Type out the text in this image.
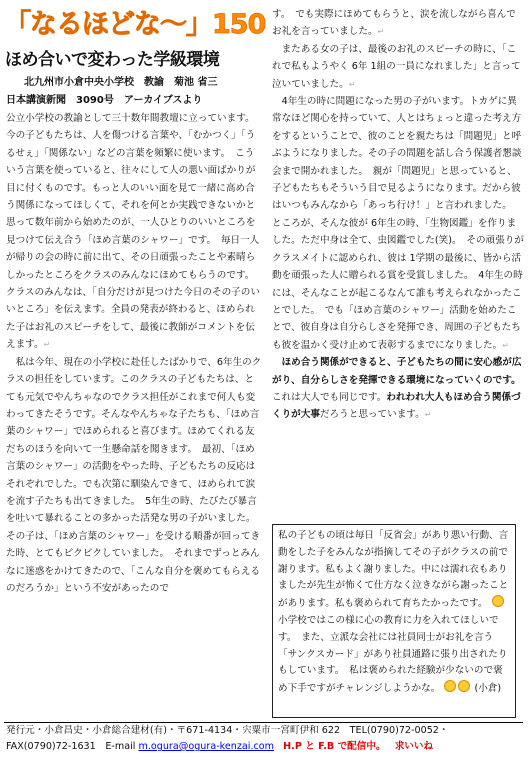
「なるほどな～」150
ほめ合いで変わった学級環境
北九州市小倉中央小学校　教諭　菊池 省三
日本講演新聞　3090号　アーカイブスより

公立小学校の教諭として三十数年間教壇に立っています。　今の子どもたちは、人を傷つける言葉や、「むかつく」「うるせぇ」「関係ない」などの言葉を頻繁に使います。　こういう言葉を使っていると、往々にして人の悪い面ばかりが目に付くものです。もっと人のいい面を見て一緒に高め合う関係になってほしくて、それを何とか実践できないかと思って数年前から始めたのが、一人ひとりのいいところを見つけて伝え合う「ほめ言葉のシャワー」です。　毎日一人が帰りの会の時に前に出て、その日頑張ったことや素晴らしかったところをクラスのみんなにほめてもらうのです。　クラスのみんなは、「自分だけが見つけた今日のその子のいいところ」を伝えます。全員の発表が終わると、ほめられた子はお礼のスピーチをして、最後に教師がコメントを伝えます。↵

私は今年、現在の小学校に赴任したばかりで、6年生のクラスの担任をしています。このクラスの子どもたちは、とても元気でやんちゃなのでクラス担任がこれまで何人も変わってきたそうです。そんなやんちゃな子たちも、「ほめ言葉のシャワー」でほめられると喜びます。ほめてくれる友だちのほうを向いて一生懸命話を聞きます。　最初、「ほめ言葉のシャワー」の活動をやった時、子どもたちの反応はそれぞれでした。でも次第に馴染んできて、ほめられて涙を流す子たちも出てきました。　5年生の時、たびたび暴言を吐いて暴れることの多かった活発な男の子がいました。　その子は、「ほめ言葉のシャワー」を受ける順番が回ってきた時、とてもビクビクしていました。　それまでずっとみんなに迷惑をかけてきたので、「こんな自分を褒めてもらえるのだろうか」という不安があったので

す。　でも実際にほめてもらうと、涙を流しながら喜んでお礼を言っていました。↵

またある女の子は、最後のお礼のスピーチの時に、「これで私もようやく 6年 1組の一員になれました」と言って泣いていました。↵

4年生の時に問題になった男の子がいます。トカゲに異常なほど関心を持っていて、人とはちょっと違った考え方をするということで、彼のことを親たちは「問題児」と呼ぶようになりました。その子の問題を話し合う保護者懇談会まで開かれました。　親が「問題児」と思っていると、子どもたちもそういう目で見るようになります。だから彼はいつもみんなから「あっち行け！」と言われました。　ところが、そんな彼が 6年生の時、「生物図鑑」を作りました。ただ中身は全て、虫図鑑でした(笑)。　その頑張りがクラスメイトに認められ、彼は 1学期の最後に、皆から活動を頑張った人に贈られる賞を受賞しました。　4年生の時には、そんなことが起こるなんて誰も考えられなかったことでした。　でも「ほめ言葉のシャワー」活動を始めたことで、彼自身は自分らしさを発揮でき、周囲の子どもたちも彼を温かく受け止めて表彰するまでになりました。↵

ほめ合う関係ができると、子どもたちの間に安心感が広がり、自分らしさを発揮できる環境になっていくのです。　これは大人でも同じです。われわれ大人もほめ合う関係づくりが大事だろうと思っています。↵

私の子どもの頃は毎日「反省会」があり悪い行動、言動をした子をみんなが指摘してその子がクラスの前で謝ります。私もよく謝りました。中には濡れ衣もありましたが先生が怖くて仕方なく泣きながら謝ったことがあります。私も褒められて育ちたかったです。  小学校ではこの様に心の教育に力を入れてほしいです。　また、立派な会社には社員同士がお礼を言う「サンクスカード」があり社員通路に張り出されたりもしています。　私は褒められた経験が少ないので褒め下手ですがチャレンジしようかな。	(小倉)
発行元・小倉昌史・小倉総合建材(有)・〒671-4134・宍粟市一宮町伊和 622　TEL(0790)72-0052・
FAX(0790)72-1631　E-mail m.ogura@ogura-kenzai.com H.P と F.B で配信中。 求いいね
